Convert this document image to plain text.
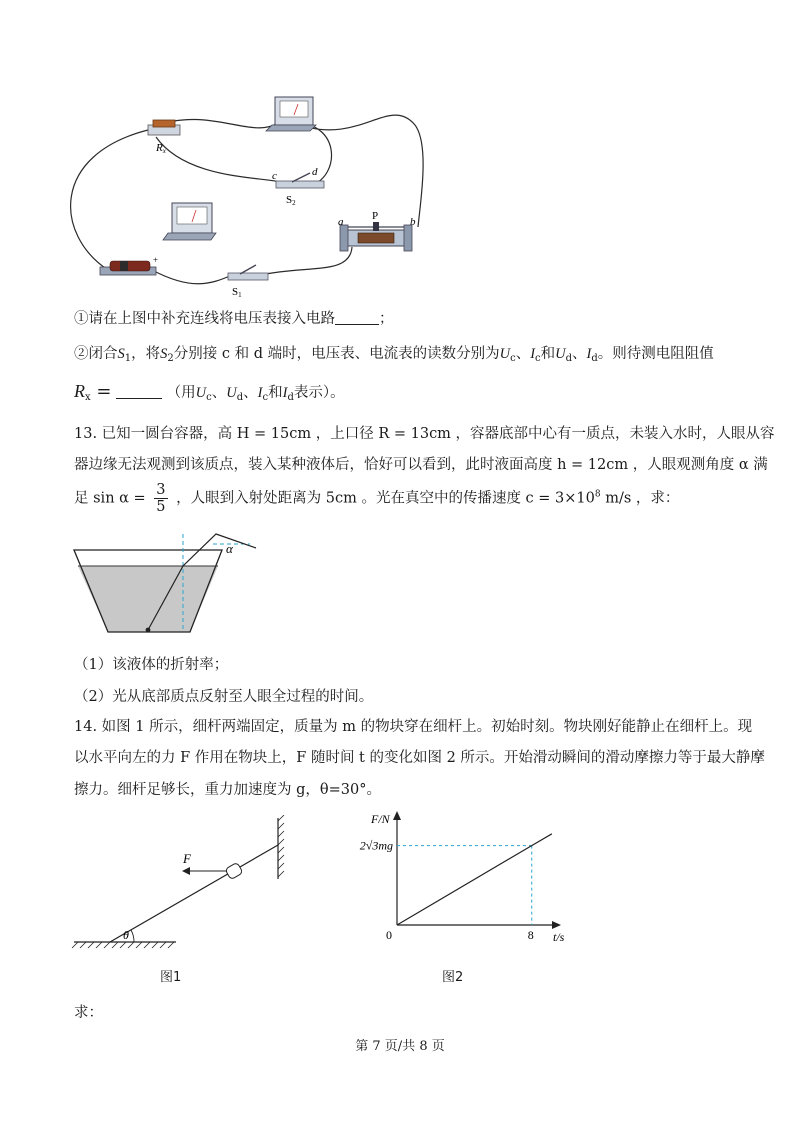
Rx
c	d
S2
a	P	b
+
S1
①请在上图中补充连线将电压表接入电路	；
②闭合$S_1$，将$S_2$分别接 c 和 d 端时，电压表、电流表的读数分别为$U_c$、$I_c$和$U_d$、$I_d$。则待测电阻阻值
$R_x$ =	（用$U_c$、$U_d$、$I_c$和$I_d$表示）。
13. 已知一圆台容器，高 H = 15cm ，上口径 R = 13cm ，容器底部中心有一质点，未装入水时，人眼从容
器边缘无法观测到该质点，装入某种液体后，恰好可以看到，此时液面高度 h = 12cm ，人眼观测角度 α 满
足 $\sin \alpha = \frac{3}{5}$ ，人眼到入射处距离为 5cm 。光在真空中的传播速度 $c = 3\times 10^8$ m/s ，求：
α
（1）该液体的折射率；
（2）光从底部质点反射至人眼全过程的时间。
14. 如图 1 所示，细杆两端固定，质量为 m 的物块穿在细杆上。初始时刻。物块刚好能静止在细杆上。现
以水平向左的力 F 作用在物块上，F 随时间 t 的变化如图 2 所示。开始滑动瞬间的滑动摩擦力等于最大静摩
擦力。细杆足够长，重力加速度为 g，θ=30°。
F
θ
图1
F/N
t/s
0	8
2√3mg
图2
求：
第 7 页/共 8 页
